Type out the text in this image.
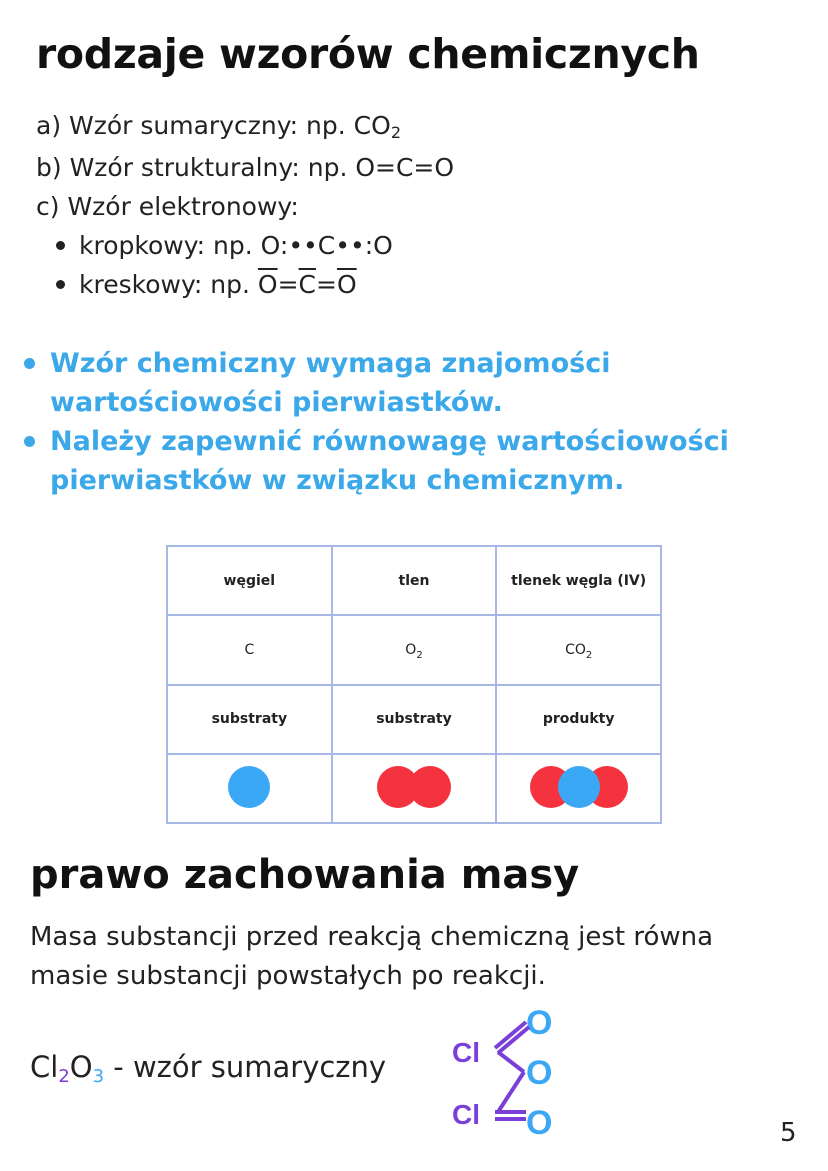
rodzaje wzorów chemicznych
a) Wzór sumaryczny: np. CO2
b) Wzór strukturalny: np. O=C=O
c) Wzór elektronowy:
kropkowy: np. O:••C••:O
kreskowy: np. $\overline{O}=\overline{C}=\overline{O}$
Wzór chemiczny wymaga znajomości wartościowości pierwiastków.
Należy zapewnić równowagę wartościowości pierwiastków w związku chemicznym.
węgiel	tlen	tlenek węgla (IV)
C	$O_2$	$CO_2$
substraty	substraty	produkty

prawo zachowania masy
Masa substancji przed reakcją chemiczną jest równa masie substancji powstałych po reakcji.
Cl2O3 - wzór sumaryczny Cl
Cl
O
O
O	5
